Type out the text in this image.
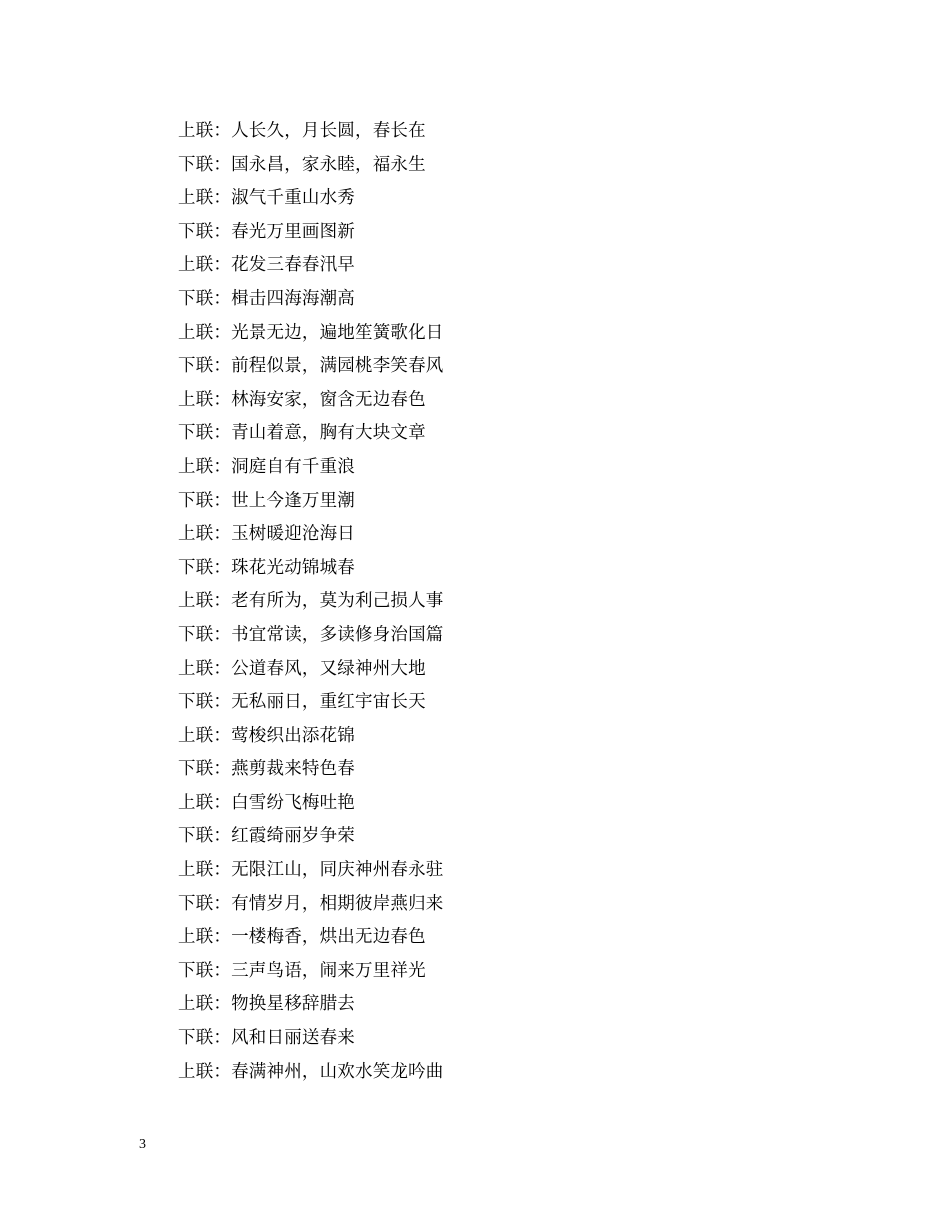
上联：人长久，月长圆，春长在
下联：国永昌，家永睦，福永生
上联：淑气千重山水秀
下联：春光万里画图新
上联：花发三春春汛早
下联：楫击四海海潮高
上联：光景无边，遍地笙簧歌化日
下联：前程似景，满园桃李笑春风
上联：林海安家，窗含无边春色
下联：青山着意，胸有大块文章
上联：洞庭自有千重浪
下联：世上今逢万里潮
上联：玉树暖迎沧海日
下联：珠花光动锦城春
上联：老有所为，莫为利己损人事
下联：书宜常读，多读修身治国篇
上联：公道春风，又绿神州大地
下联：无私丽日，重红宇宙长天
上联：莺梭织出添花锦
下联：燕剪裁来特色春
上联：白雪纷飞梅吐艳
下联：红霞绮丽岁争荣
上联：无限江山，同庆神州春永驻
下联：有情岁月，相期彼岸燕归来
上联：一楼梅香，烘出无边春色
下联：三声鸟语，闹来万里祥光
上联：物换星移辞腊去
下联：风和日丽送春来
上联：春满神州，山欢水笑龙吟曲
3
